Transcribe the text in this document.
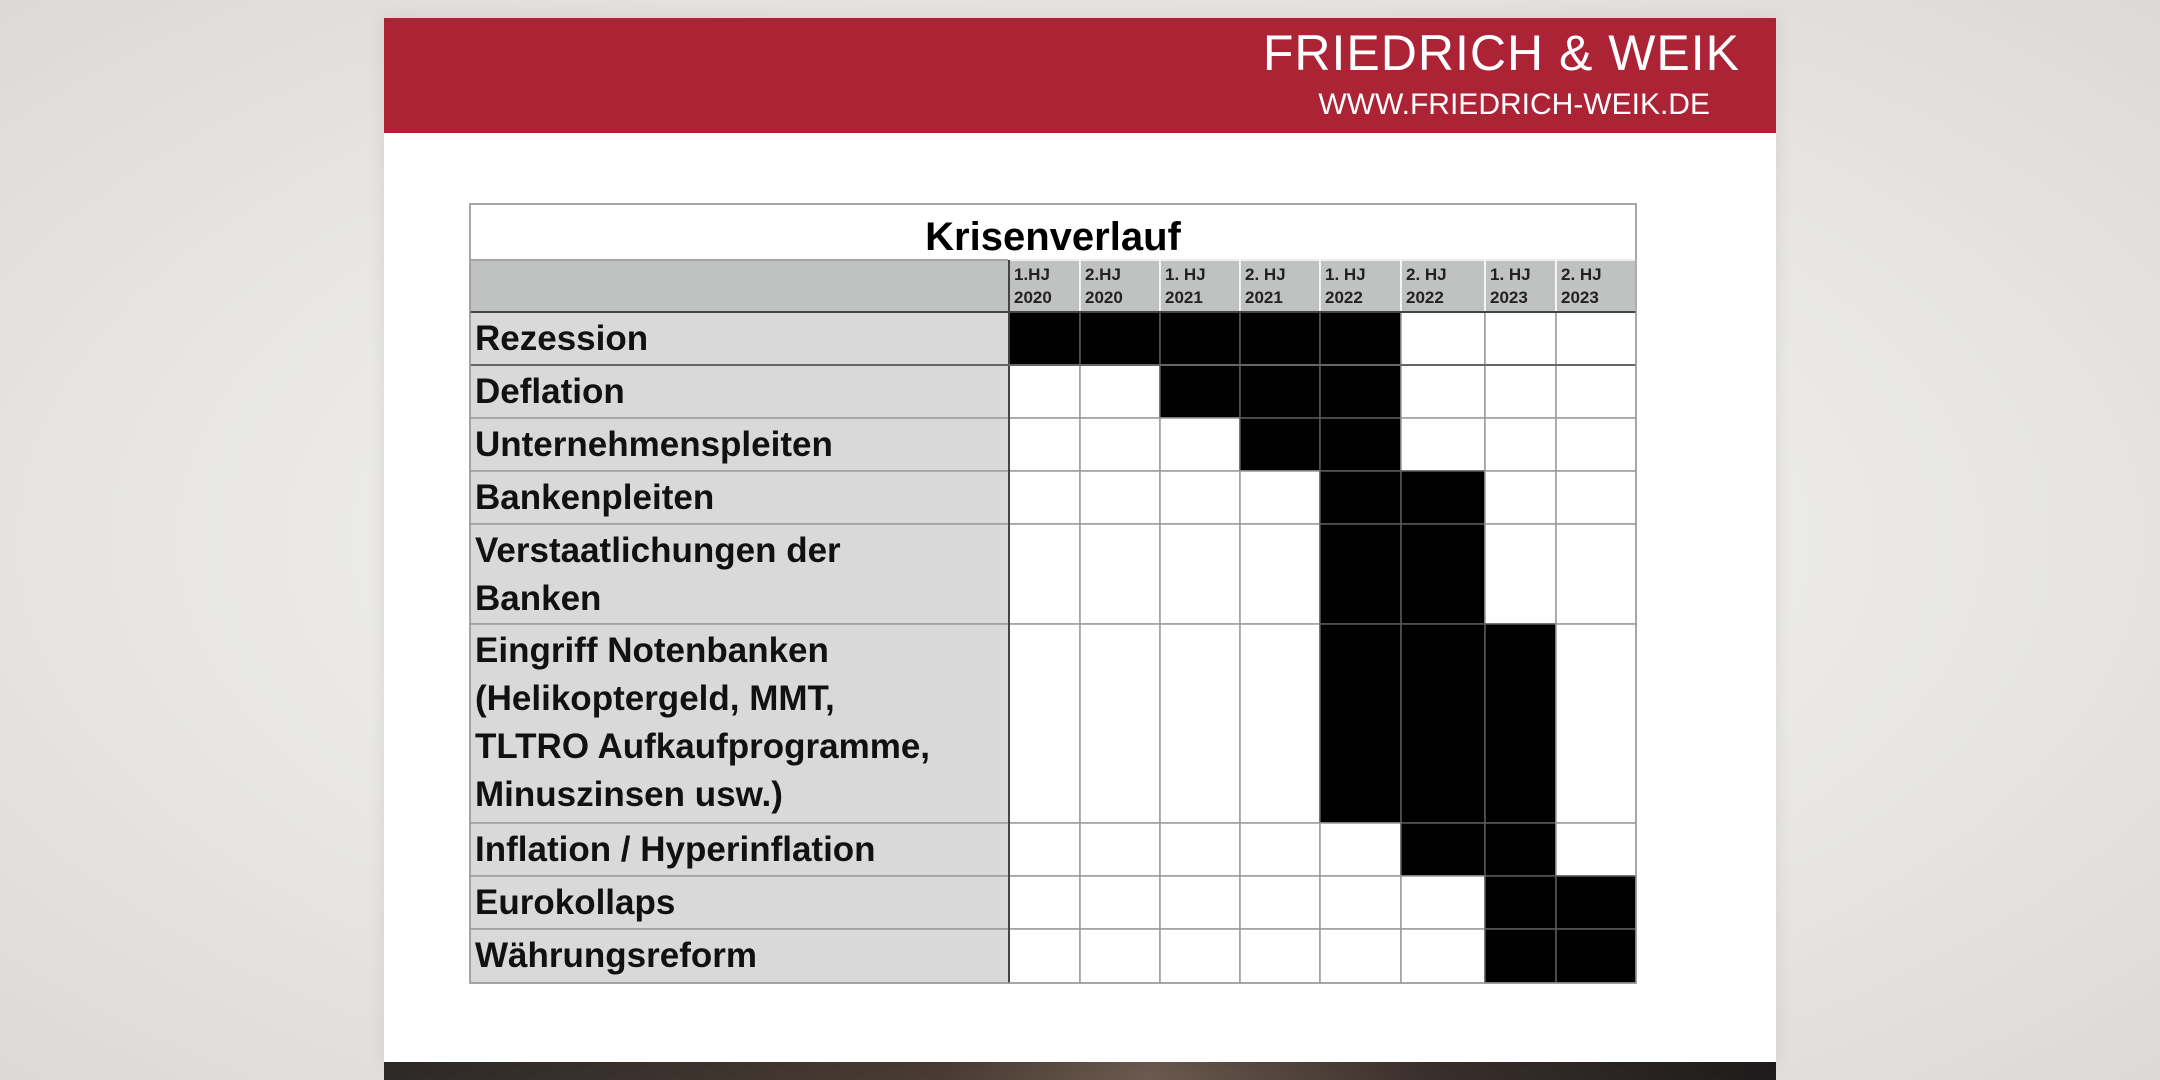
FRIEDRICH & WEIK
WWW.FRIEDRICH-WEIK.DE
Krisenverlauf
1.HJ 2020
2.HJ 2020
1. HJ 2021
2. HJ 2021
1. HJ 2022
2. HJ 2022
1. HJ 2023
2. HJ 2023
Rezession
Deflation
Unternehmenspleiten
Bankenpleiten
Verstaatlichungen der Banken
Eingriff Notenbanken (Helikoptergeld, MMT, TLTRO Aufkaufprogramme, Minuszinsen usw.)
Inflation / Hyperinflation
Eurokollaps
Währungsreform
